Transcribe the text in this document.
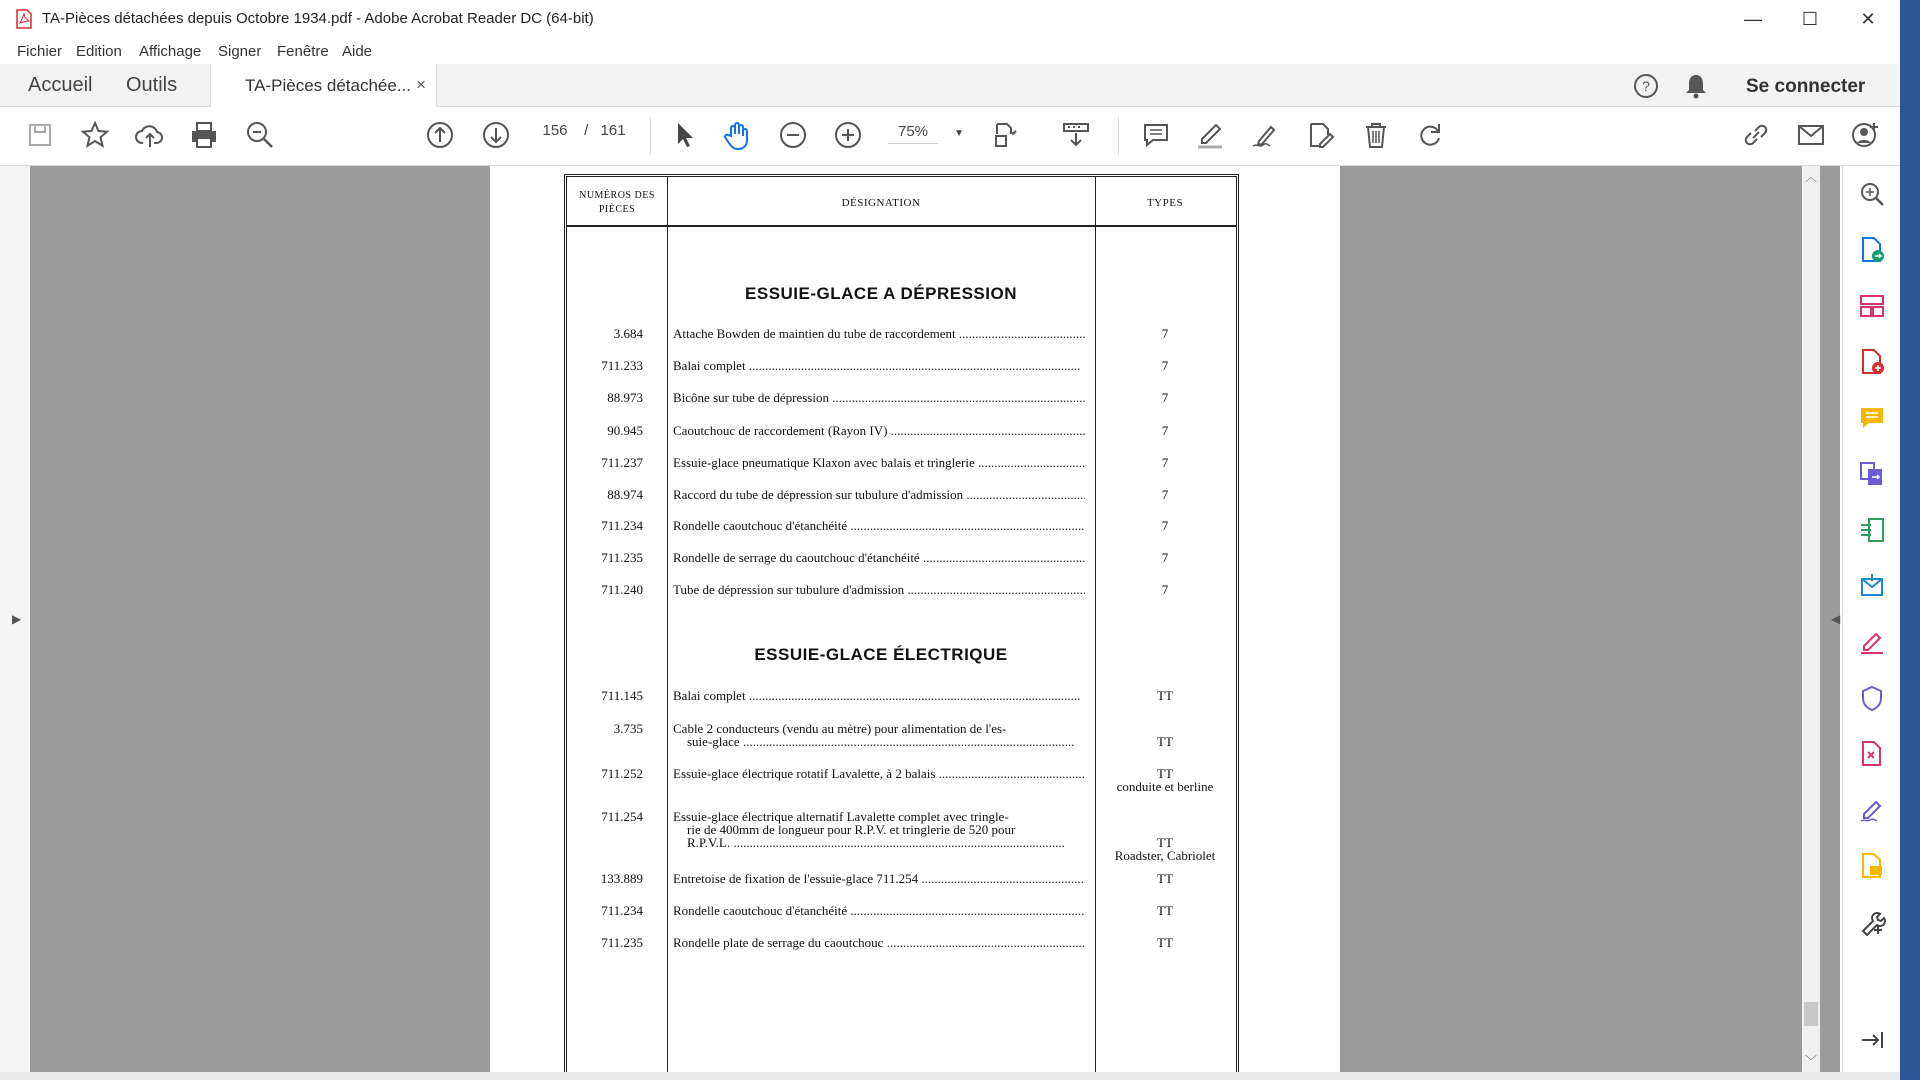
TA-Pièces détachées depuis Octobre 1934.pdf - Adobe Acrobat Reader DC (64-bit)	— ☐ ✕
Fichier Edition Affichage Signer Fenêtre Aide
Accueil Outils	TA-Pièces détachée... ×	?	Se connecter
156 / 161	75%	▼
▶
NUMÉROS DES PIÈCES
DÉSIGNATION	TYPES
ESSUIE-GLACE A DÉPRESSION
3.684 Attache Bowden de maintien du tube de raccordement .....	7
711.233 Balai complet .....	7
88.973 Bicône sur tube de dépression .....	7
90.945 Caoutchouc de raccordement (Rayon IV) .....	7
711.237 Essuie-glace pneumatique Klaxon avec balais et tringlerie .....	7
88.974 Raccord du tube de dépression sur tubulure d'admission .....	7
711.234 Rondelle caoutchouc d'étanchéité .....	7
711.235 Rondelle de serrage du caoutchouc d'étanchéité .....	7
711.240 Tube de dépression sur tubulure d'admission .....	7
ESSUIE-GLACE ÉLECTRIQUE
711.145 Balai complet .....	TT
3.735 Cable 2 conducteurs (vendu au mètre) pour alimentation de l'es-
suie-glace .....	TT
711.252 Essuie-glace électrique rotatif Lavalette, à 2 balais .....	TT
conduite et berline
711.254 Essuie-glace électrique alternatif Lavalette complet avec tringle-
rie de 400mm de longueur pour R.P.V. et tringlerie de 520 pour
R.P.V.L. .....	TT
Roadster, Cabriolet
133.889 Entretoise de fixation de l'essuie-glace 711.254 .....	TT
711.234 Rondelle caoutchouc d'étanchéité .....	TT
711.235 Rondelle plate de serrage du caoutchouc .....	TT
︿
﹀
◀
